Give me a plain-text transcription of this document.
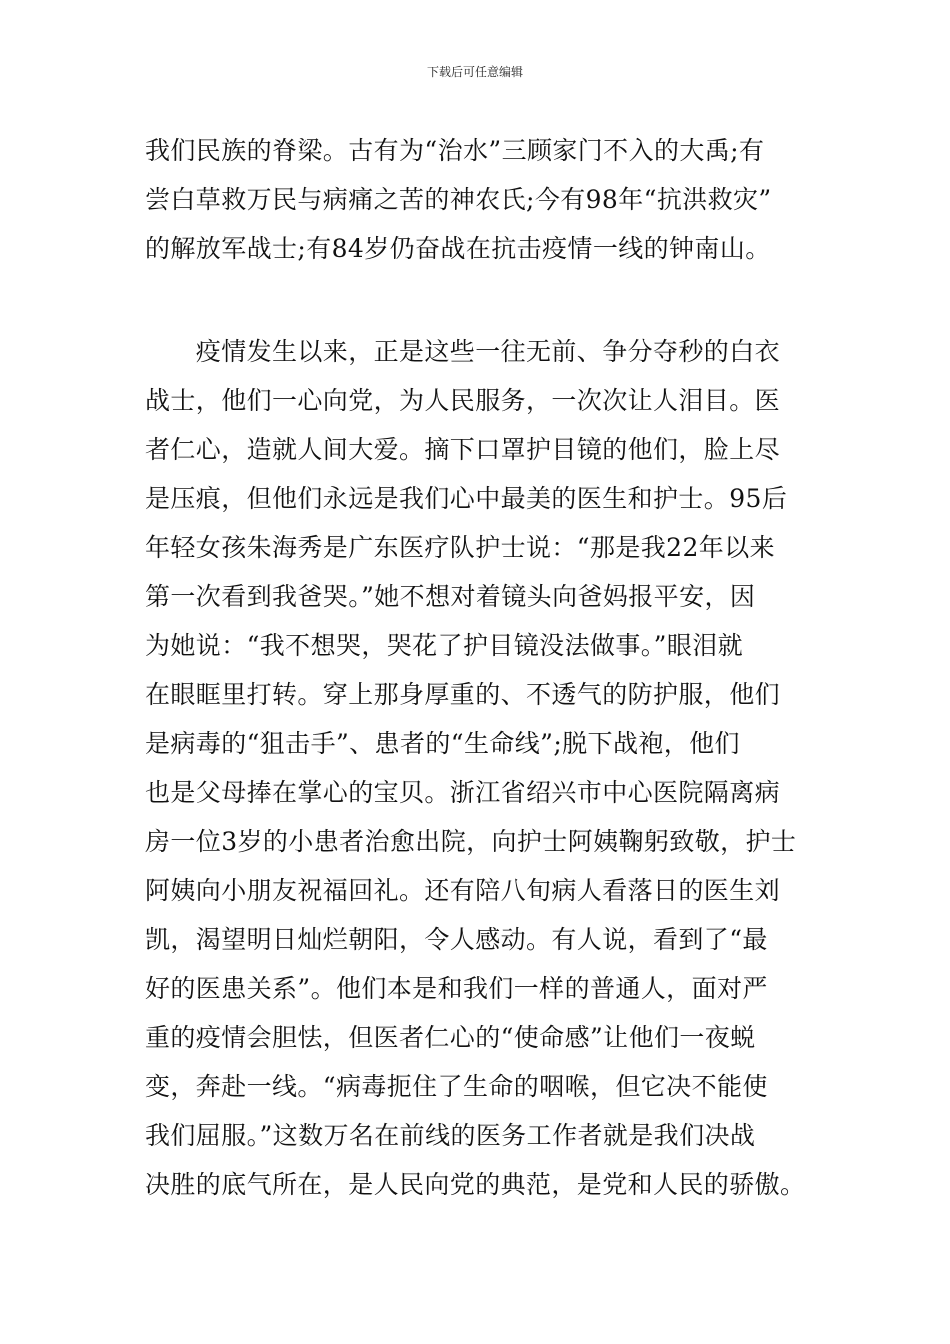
下载后可任意编辑
我们民族的脊梁。古有为“治水”三顾家门不入的大禹;有
尝白草救万民与病痛之苦的神农氏;今有98年“抗洪救灾”
的解放军战士;有84岁仍奋战在抗击疫情一线的钟南山。
　　疫情发生以来，正是这些一往无前、争分夺秒的白衣
战士，他们一心向党，为人民服务，一次次让人泪目。医
者仁心，造就人间大爱。摘下口罩护目镜的他们，脸上尽
是压痕，但他们永远是我们心中最美的医生和护士。95后
年轻女孩朱海秀是广东医疗队护士说：“那是我22年以来
第一次看到我爸哭。”她不想对着镜头向爸妈报平安，因
为她说：“我不想哭，哭花了护目镜没法做事。”眼泪就
在眼眶里打转。穿上那身厚重的、不透气的防护服，他们
是病毒的“狙击手”、患者的“生命线”;脱下战袍，他们
也是父母捧在掌心的宝贝。浙江省绍兴市中心医院隔离病
房一位3岁的小患者治愈出院，向护士阿姨鞠躬致敬，护士
阿姨向小朋友祝福回礼。还有陪八旬病人看落日的医生刘
凯，渴望明日灿烂朝阳，令人感动。有人说，看到了“最
好的医患关系”。他们本是和我们一样的普通人，面对严
重的疫情会胆怯，但医者仁心的“使命感”让他们一夜蜕
变，奔赴一线。“病毒扼住了生命的咽喉，但它决不能使
我们屈服。”这数万名在前线的医务工作者就是我们决战
决胜的底气所在，是人民向党的典范，是党和人民的骄傲。
